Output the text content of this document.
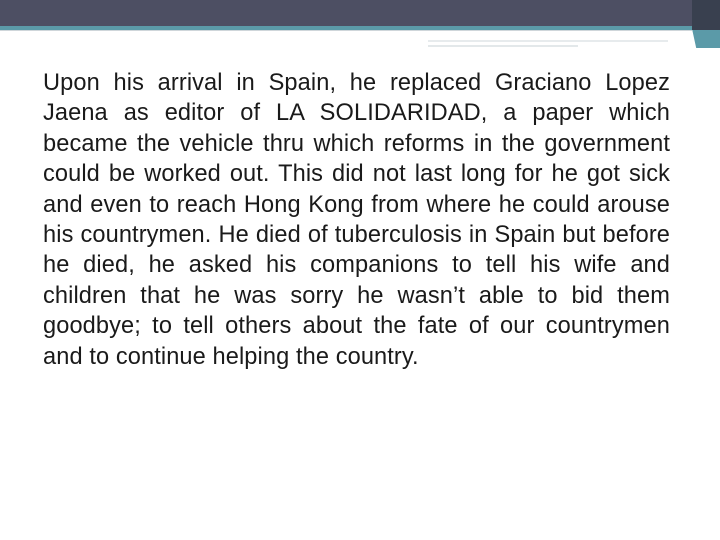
Upon his arrival in Spain, he replaced Graciano Lopez Jaena as editor of LA SOLIDARIDAD, a paper which became the vehicle thru which reforms in the government could be worked out. This did not last long for he got sick and even to reach Hong Kong from where he could arouse his countrymen. He died of tuberculosis in Spain but before he died, he asked his companions to tell his wife and children that he was sorry he wasn’t able to bid them goodbye; to tell others about the fate of our countrymen and to continue helping the country.
